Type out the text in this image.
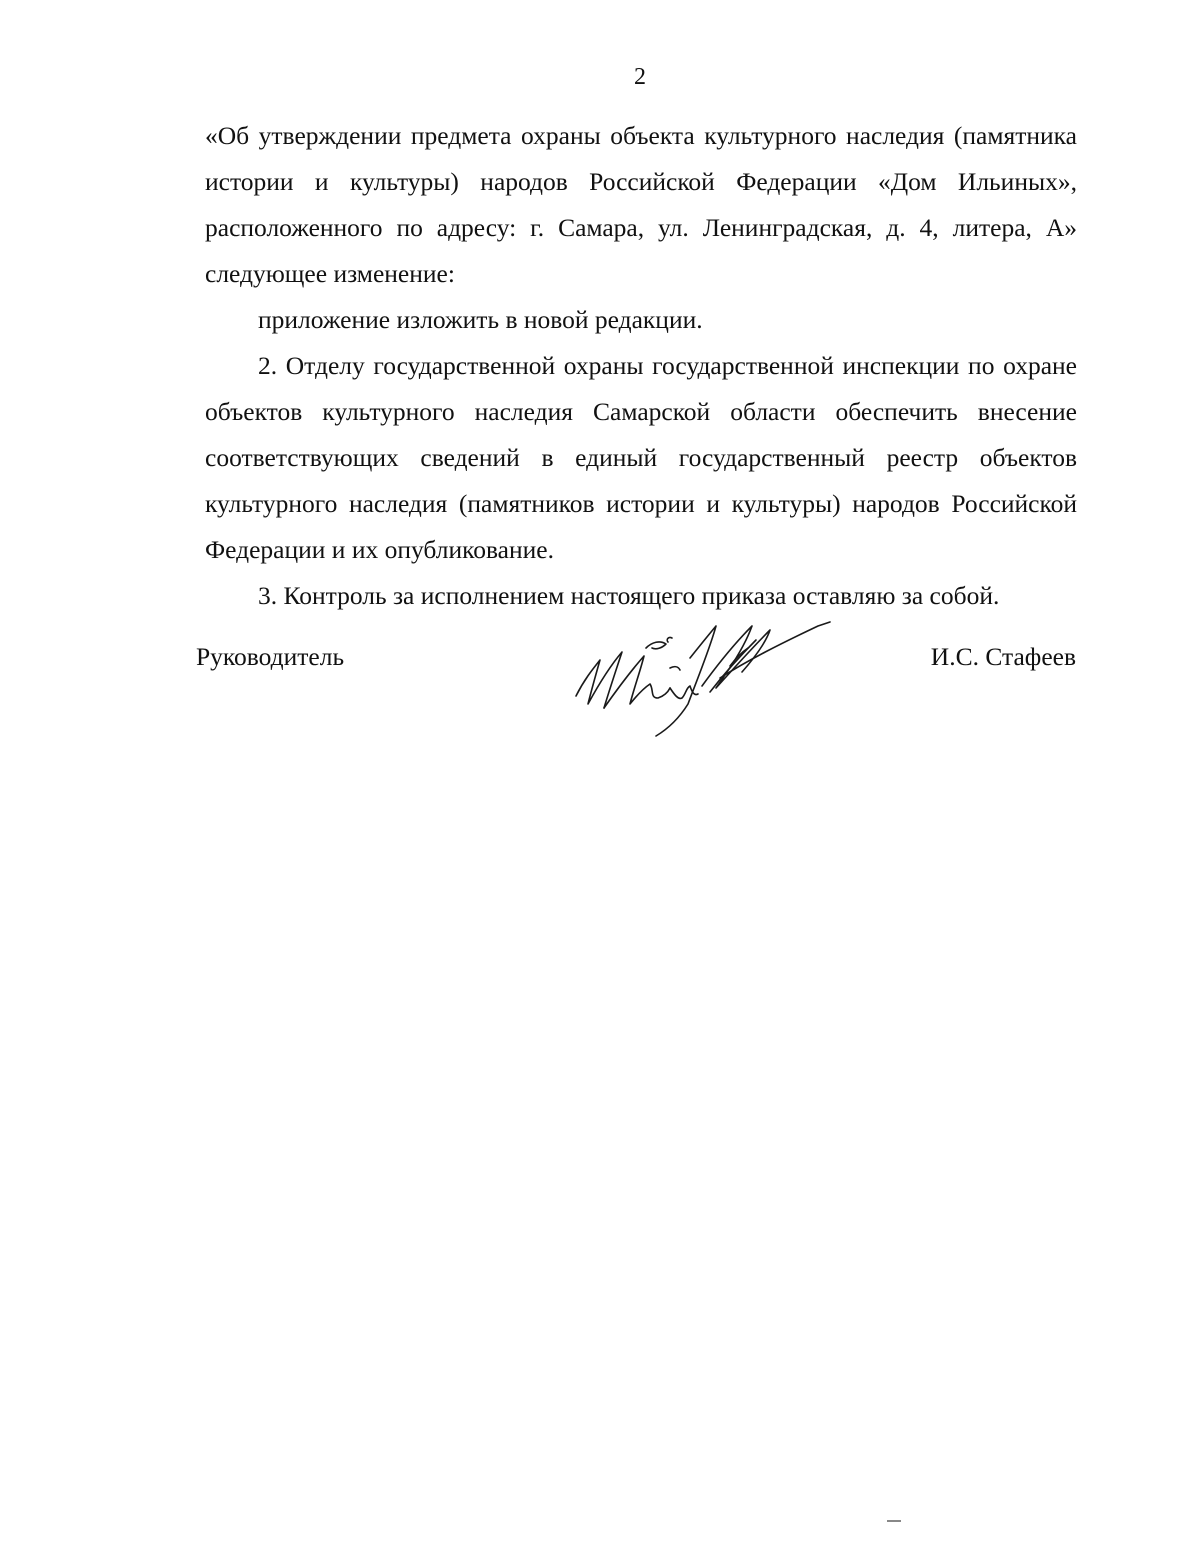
2

«Об утверждении предмета охраны объекта культурного наследия (памятника истории и культуры) народов Российской Федерации «Дом Ильиных», расположенного по адресу: г. Самара, ул. Ленинградская, д. 4, литера, А» следующее изменение:

приложение изложить в новой редакции.

2. Отделу государственной охраны государственной инспекции по охране объектов культурного наследия Самарской области обеспечить внесение соответствующих сведений в единый государственный реестр объектов культурного наследия (памятников истории и культуры) народов Российской Федерации и их опубликование.

3. Контроль за исполнением настоящего приказа оставляю за собой.

Руководитель	И.С. Стафеев
